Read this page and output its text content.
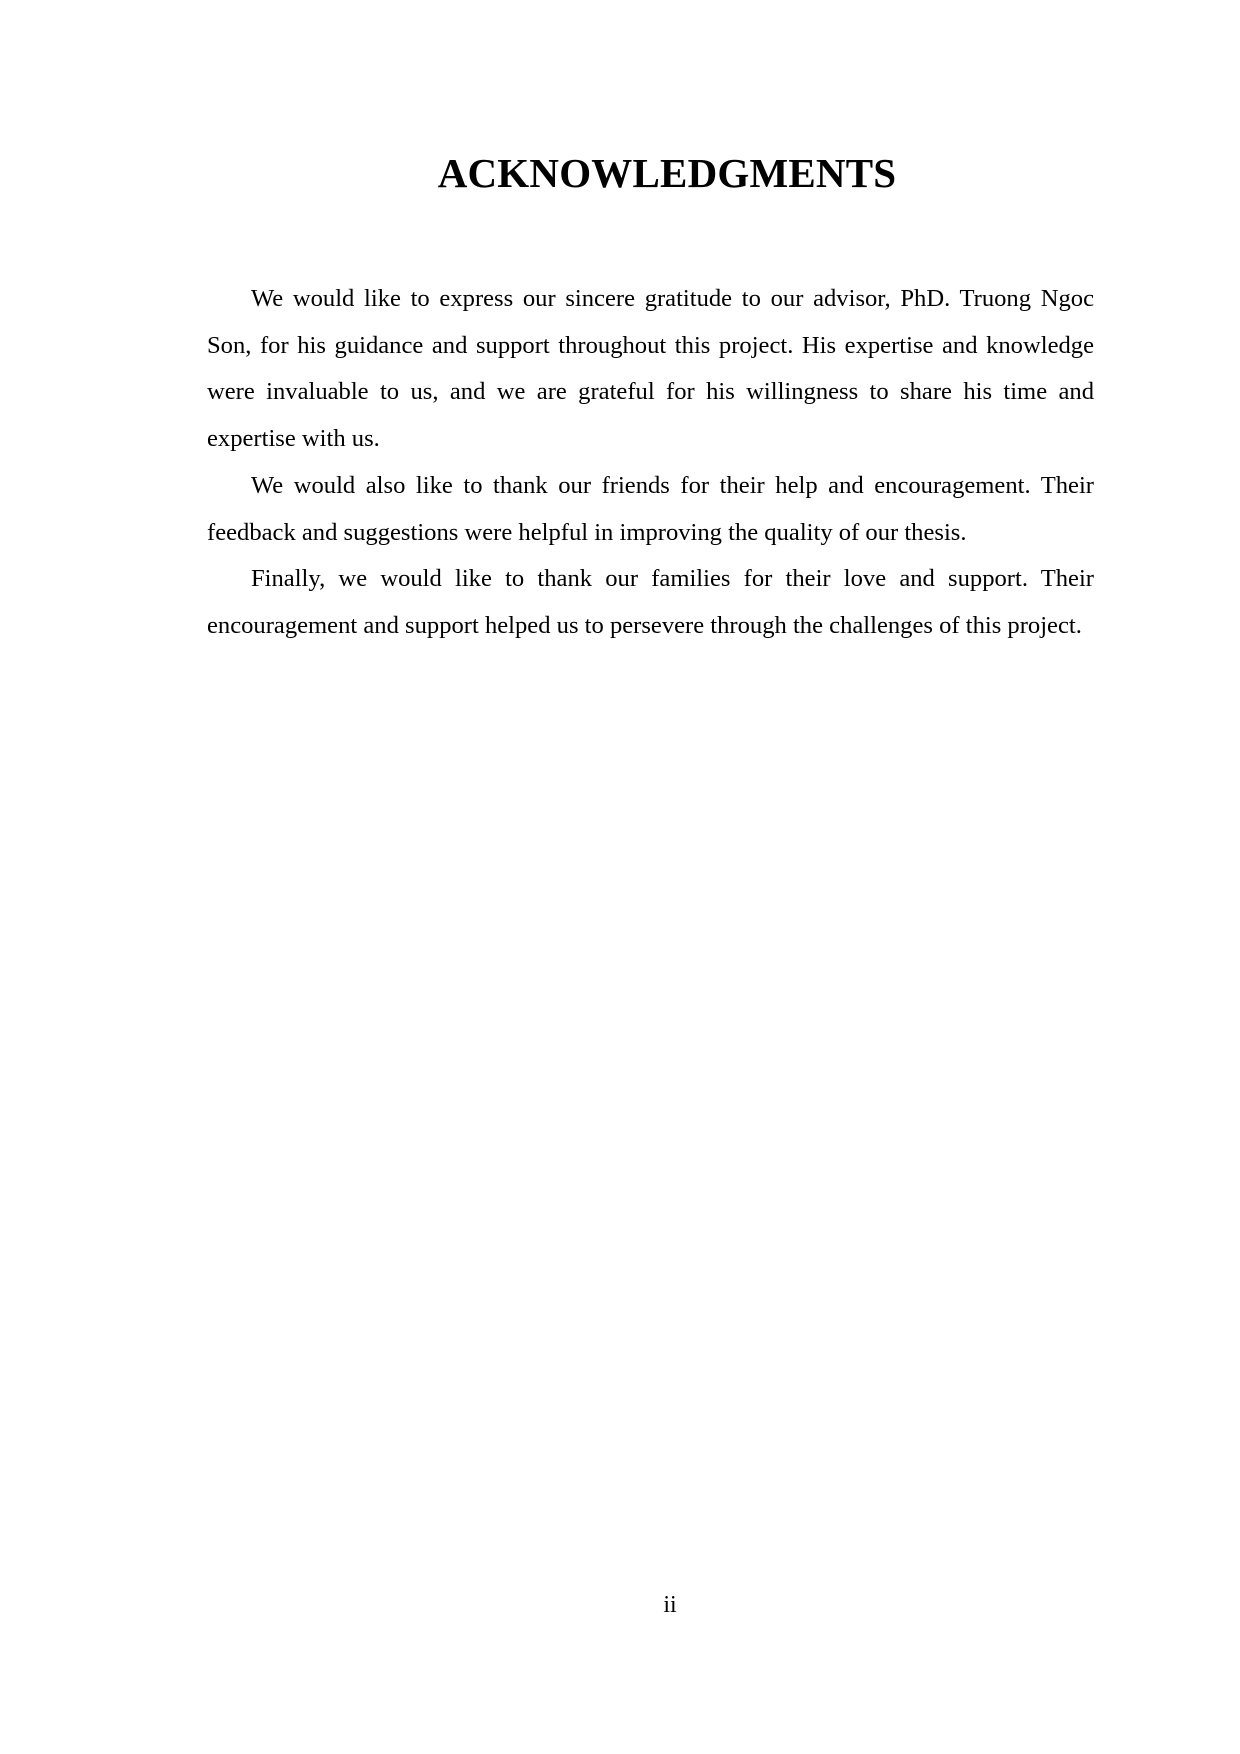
ACKNOWLEDGMENTS

We would like to express our sincere gratitude to our advisor, PhD. Truong Ngoc Son, for his guidance and support throughout this project. His expertise and knowledge were invaluable to us, and we are grateful for his willingness to share his time and expertise with us.

We would also like to thank our friends for their help and encouragement. Their feedback and suggestions were helpful in improving the quality of our thesis.

Finally, we would like to thank our families for their love and support. Their encouragement and support helped us to persevere through the challenges of this project.

ii
